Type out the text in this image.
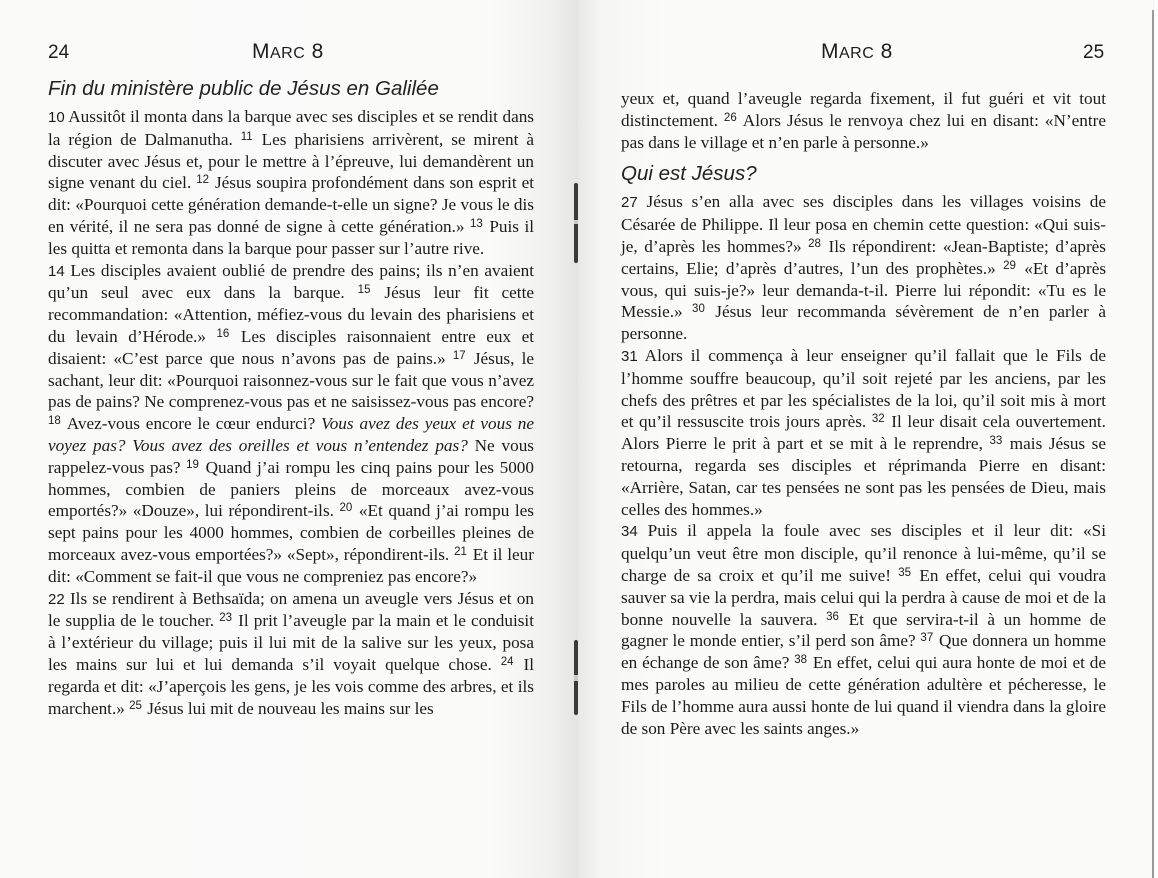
24	MARC 8
Fin du ministère public de Jésus en Galilée

10 Aussitôt il monta dans la barque avec ses disciples et se rendit dans la région de Dalmanutha. $^{11}$ Les pharisiens arrivèrent, se mirent à discuter avec Jésus et, pour le mettre à l’épreuve, lui demandèrent un signe venant du ciel. $^{12}$ Jésus soupira profondément dans son esprit et dit: «Pourquoi cette génération demande-t-elle un signe? Je vous le dis en vérité, il ne sera pas donné de signe à cette génération.» $^{13}$ Puis il les quitta et remonta dans la barque pour passer sur l’autre rive.

14 Les disciples avaient oublié de prendre des pains; ils n’en avaient qu’un seul avec eux dans la barque. $^{15}$ Jésus leur fit cette recommandation: «Attention, méfiez-vous du levain des pharisiens et du levain d’Hérode.» $^{16}$ Les disciples raisonnaient entre eux et disaient: «C’est parce que nous n’avons pas de pains.» $^{17}$ Jésus, le sachant, leur dit: «Pourquoi raisonnez-vous sur le fait que vous n’avez pas de pains? Ne comprenez-vous pas et ne saisissez-vous pas encore? $^{18}$ Avez-vous encore le cœur endurci? Vous avez des yeux et vous ne voyez pas? Vous avez des oreilles et vous n’entendez pas? Ne vous rappelez-vous pas? $^{19}$ Quand j’ai rompu les cinq pains pour les 5000 hommes, combien de paniers pleins de morceaux avez-vous emportés?» «Douze», lui répondirent-ils. $^{20}$ «Et quand j’ai rompu les sept pains pour les 4000 hommes, combien de corbeilles pleines de morceaux avez-vous emportées?» «Sept», répondirent-ils. $^{21}$ Et il leur dit: «Comment se fait-il que vous ne compreniez pas encore?»

22 Ils se rendirent à Bethsaïda; on amena un aveugle vers Jésus et on le supplia de le toucher. $^{23}$ Il prit l’aveugle par la main et le conduisit à l’extérieur du village; puis il lui mit de la salive sur les yeux, posa les mains sur lui et lui demanda s’il voyait quelque chose. $^{24}$ Il regarda et dit: «J’aperçois les gens, je les vois comme des arbres, et ils marchent.» $^{25}$ Jésus lui mit de nouveau les mains sur les

MARC 8	25

yeux et, quand l’aveugle regarda fixement, il fut guéri et vit tout distinctement. $^{26}$ Alors Jésus le renvoya chez lui en disant: «N’entre pas dans le village et n’en parle à personne.»

Qui est Jésus?

27 Jésus s’en alla avec ses disciples dans les villages voisins de Césarée de Philippe. Il leur posa en chemin cette question: «Qui suis-je, d’après les hommes?» $^{28}$ Ils répondirent: «Jean-Baptiste; d’après certains, Elie; d’après d’autres, l’un des prophètes.» $^{29}$ «Et d’après vous, qui suis-je?» leur demanda-t-il. Pierre lui répondit: «Tu es le Messie.» $^{30}$ Jésus leur recommanda sévèrement de n’en parler à personne.

31 Alors il commença à leur enseigner qu’il fallait que le Fils de l’homme souffre beaucoup, qu’il soit rejeté par les anciens, par les chefs des prêtres et par les spécialistes de la loi, qu’il soit mis à mort et qu’il ressuscite trois jours après. $^{32}$ Il leur disait cela ouvertement. Alors Pierre le prit à part et se mit à le reprendre, $^{33}$ mais Jésus se retourna, regarda ses disciples et réprimanda Pierre en disant: «Arrière, Satan, car tes pensées ne sont pas les pensées de Dieu, mais celles des hommes.»

34 Puis il appela la foule avec ses disciples et il leur dit: «Si quelqu’un veut être mon disciple, qu’il renonce à lui-même, qu’il se charge de sa croix et qu’il me suive! $^{35}$ En effet, celui qui voudra sauver sa vie la perdra, mais celui qui la perdra à cause de moi et de la bonne nouvelle la sauvera. $^{36}$ Et que servira-t-il à un homme de gagner le monde entier, s’il perd son âme? $^{37}$ Que donnera un homme en échange de son âme? $^{38}$ En effet, celui qui aura honte de moi et de mes paroles au milieu de cette génération adultère et pécheresse, le Fils de l’homme aura aussi honte de lui quand il viendra dans la gloire de son Père avec les saints anges.»
